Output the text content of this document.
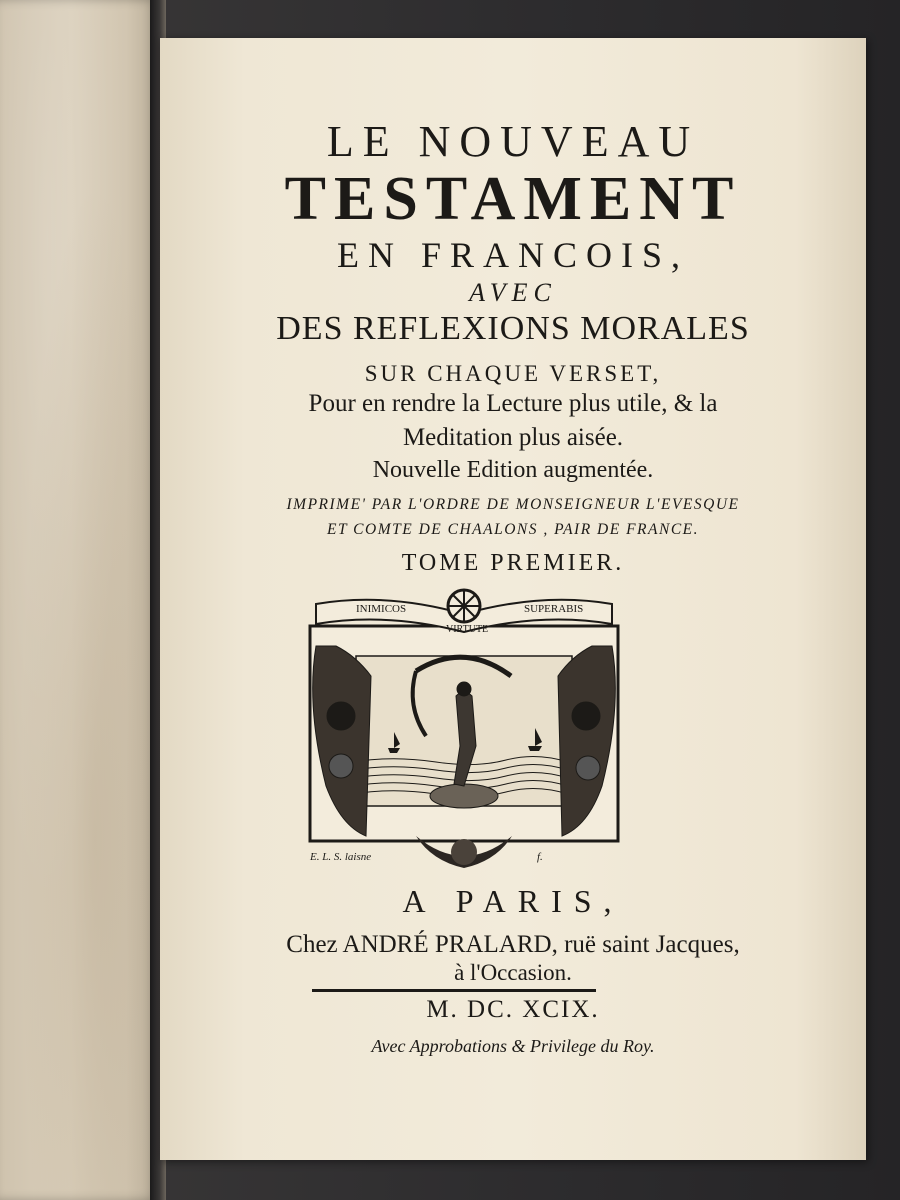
LE NOUVEAU
TESTAMENT
EN FRANCOIS,
AVEC
DES REFLEXIONS MORALES
SUR CHAQUE VERSET,
Pour en rendre la Lecture plus utile, & la
Meditation plus aisée.
Nouvelle Edition augmentée.
IMPRIME' PAR L'ORDRE DE MONSEIGNEUR L'EVESQUE
ET COMTE DE CHAALONS , PAIR DE FRANCE.
TOME PREMIER.
INIMICOS
VIRTUTE
SUPERABIS
E. L. S. laisne	f.
A PARIS,
Chez ANDRÉ PRALARD, ruë saint Jacques,
à l'Occasion.
M. DC. XCIX.
Avec Approbations & Privilege du Roy.
